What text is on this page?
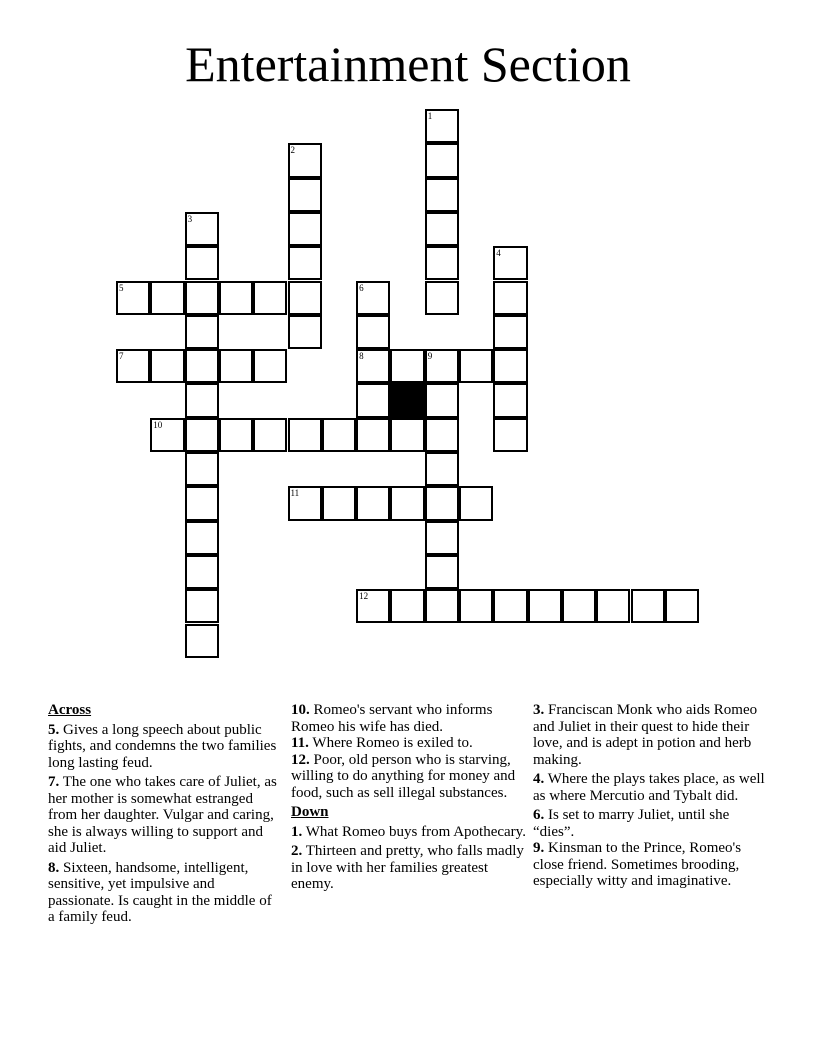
Entertainment Section
1
2
3
4
5	6
8
7	9
10
11
12
Across
5. Gives a long speech about public fights, and condemns the two families long lasting feud.
7. The one who takes care of Juliet, as her mother is somewhat estranged from her daughter. Vulgar and caring, she is always willing to support and aid Juliet.
8. Sixteen, handsome, intelligent, sensitive, yet impulsive and passionate. Is caught in the middle of a family feud.
10. Romeo's servant who informs Romeo his wife has died.
11. Where Romeo is exiled to.
12. Poor, old person who is starving, willing to do anything for money and food, such as sell illegal substances.
Down
1. What Romeo buys from Apothecary.
2. Thirteen and pretty, who falls madly in love with her families greatest enemy.
3. Franciscan Monk who aids Romeo and Juliet in their quest to hide their love, and is adept in potion and herb making.
4. Where the plays takes place, as well as where Mercutio and Tybalt did.
6. Is set to marry Juliet, until she “dies”.
9. Kinsman to the Prince, Romeo's close friend. Sometimes brooding, especially witty and imaginative.
